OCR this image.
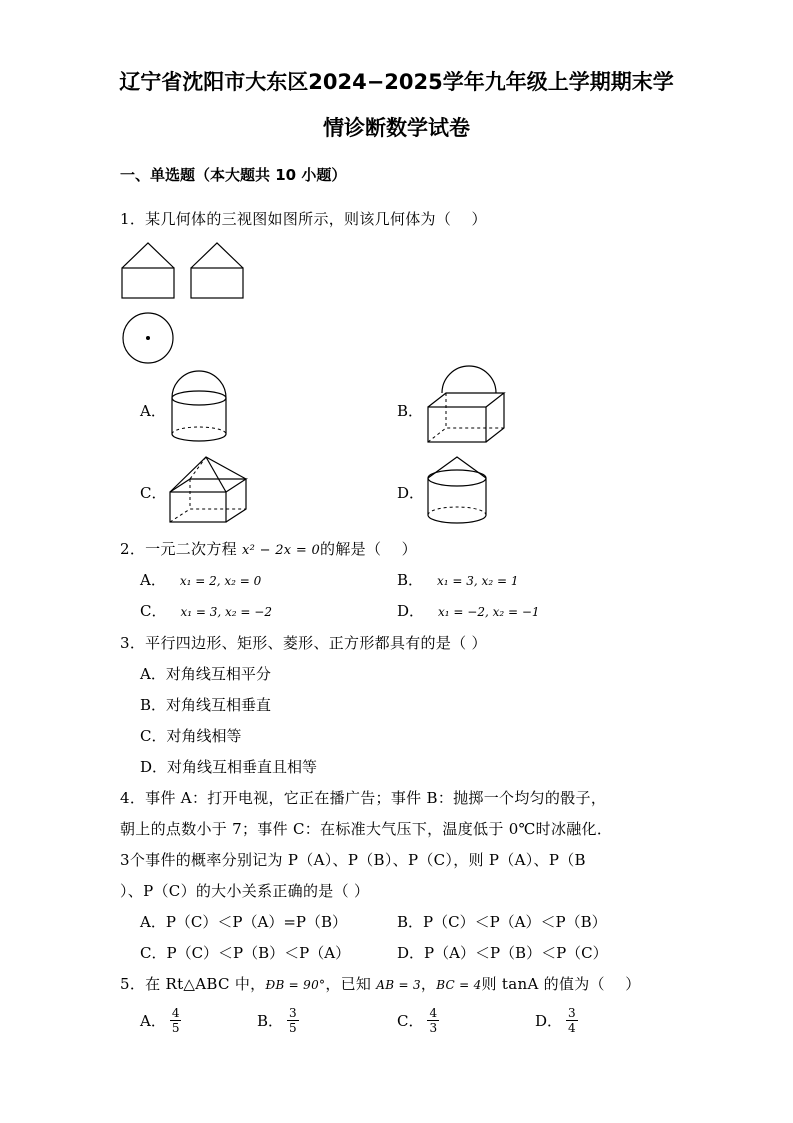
辽宁省沈阳市大东区2024−2025学年九年级上学期期末学
情诊断数学试卷
一、单选题（本大题共 10 小题）
1．某几何体的三视图如图所示，则该几何体为（　 ）
A．	B．
C．	D．
2．一元二次方程 x² − 2x = 0的解是（　 ）
A． x₁ = 2, x₂ = 0	B． x₁ = 3, x₂ = 1
C． x₁ = 3, x₂ = −2	D． x₁ = −2, x₂ = −1
3．平行四边形、矩形、菱形、正方形都具有的是（ ）
A．对角线互相平分
B．对角线互相垂直
C．对角线相等
D．对角线互相垂直且相等
4．事件 A：打开电视，它正在播广告；事件 B：抛掷一个均匀的骰子，
朝上的点数小于 7；事件 C：在标准大气压下，温度低于 0℃时冰融化．
3个事件的概率分别记为 P（A）、P（B）、P（C），则 P（A）、P（B
）、P（C）的大小关系正确的是（ ）
A．P（C）＜P（A）=P（B）	B．P（C）＜P（A）＜P（B）
C．P（C）＜P（B）＜P（A）	D．P（A）＜P（B）＜P（C）
5．在 Rt△ABC 中，ÐB = 90°，已知 AB = 3，BC = 4则 tanA 的值为（　 ）
A． $\frac{4}{5}$	B． $\frac{3}{5}$	C． $\frac{4}{3}$	D． $\frac{3}{4}$
